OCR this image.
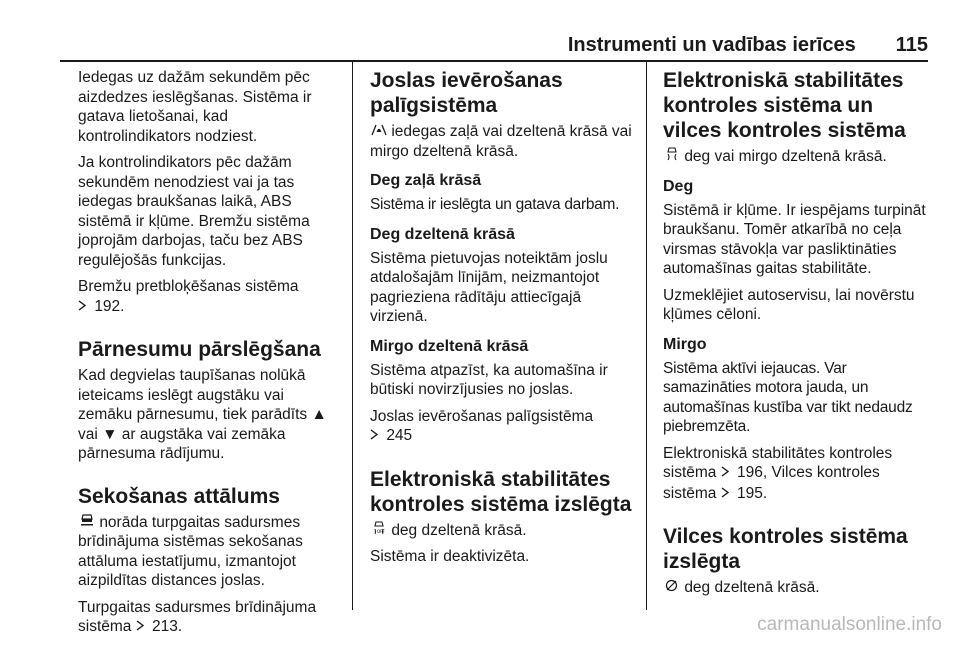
Instrumenti un vadības ierīces 115

Iedegas uz dažām sekundēm pēc aizdedzes ieslēgšanas. Sistēma ir gatava lietošanai, kad kontrolindikators nodziest.

Ja kontrolindikators pēc dažām sekundēm nenodziest vai ja tas iedegas braukšanas laikā, ABS sistēmā ir kļūme. Bremžu sistēma joprojām darbojas, taču bez ABS regulējošās funkcijas.

Bremžu pretbloķēšanas sistēma
192.

Pārnesumu pārslēgšana

Kad degvielas taupīšanas nolūkā ieteicams ieslēgt augstāku vai zemāku pārnesumu, tiek parādīts ▲ vai ▼ ar augstāka vai zemāka pārnesuma rādījumu.

Sekošanas attālums

norāda turpgaitas sadursmes brīdinājuma sistēmas sekošanas attāluma iestatījumu, izmantojot aizpildītas distances joslas.

Turpgaitas sadursmes brīdinājuma sistēma 213.

Joslas ievērošanas palīgsistēma

iedegas zaļā vai dzeltenā krāsā vai mirgo dzeltenā krāsā.

Deg zaļā krāsā

Sistēma ir ieslēgta un gatava darbam.

Deg dzeltenā krāsā

Sistēma pietuvojas noteiktām joslu atdalošajām līnijām, neizmantojot pagrieziena rādītāju attiecīgajā virzienā.

Mirgo dzeltenā krāsā

Sistēma atpazīst, ka automašīna ir būtiski novirzījusies no joslas.

Joslas ievērošanas palīgsistēma
245

Elektroniskā stabilitātes kontroles sistēma izslēgta

OFF deg dzeltenā krāsā.

Sistēma ir deaktivizēta.

Elektroniskā stabilitātes kontroles sistēma un vilces kontroles sistēma

deg vai mirgo dzeltenā krāsā.

Deg

Sistēmā ir kļūme. Ir iespējams turpināt braukšanu. Tomēr atkarībā no ceļa virsmas stāvokļa var pasliktināties automašīnas gaitas stabilitāte.

Uzmeklējiet autoservisu, lai novērstu kļūmes cēloni.

Mirgo

Sistēma aktīvi iejaucas. Var samazināties motora jauda, un automašīnas kustība var tikt nedaudz piebremzēta.

Elektroniskā stabilitātes kontroles sistēma 196, Vilces kontroles sistēma 195.

Vilces kontroles sistēma izslēgta

deg dzeltenā krāsā.

carmanualsonline.info
